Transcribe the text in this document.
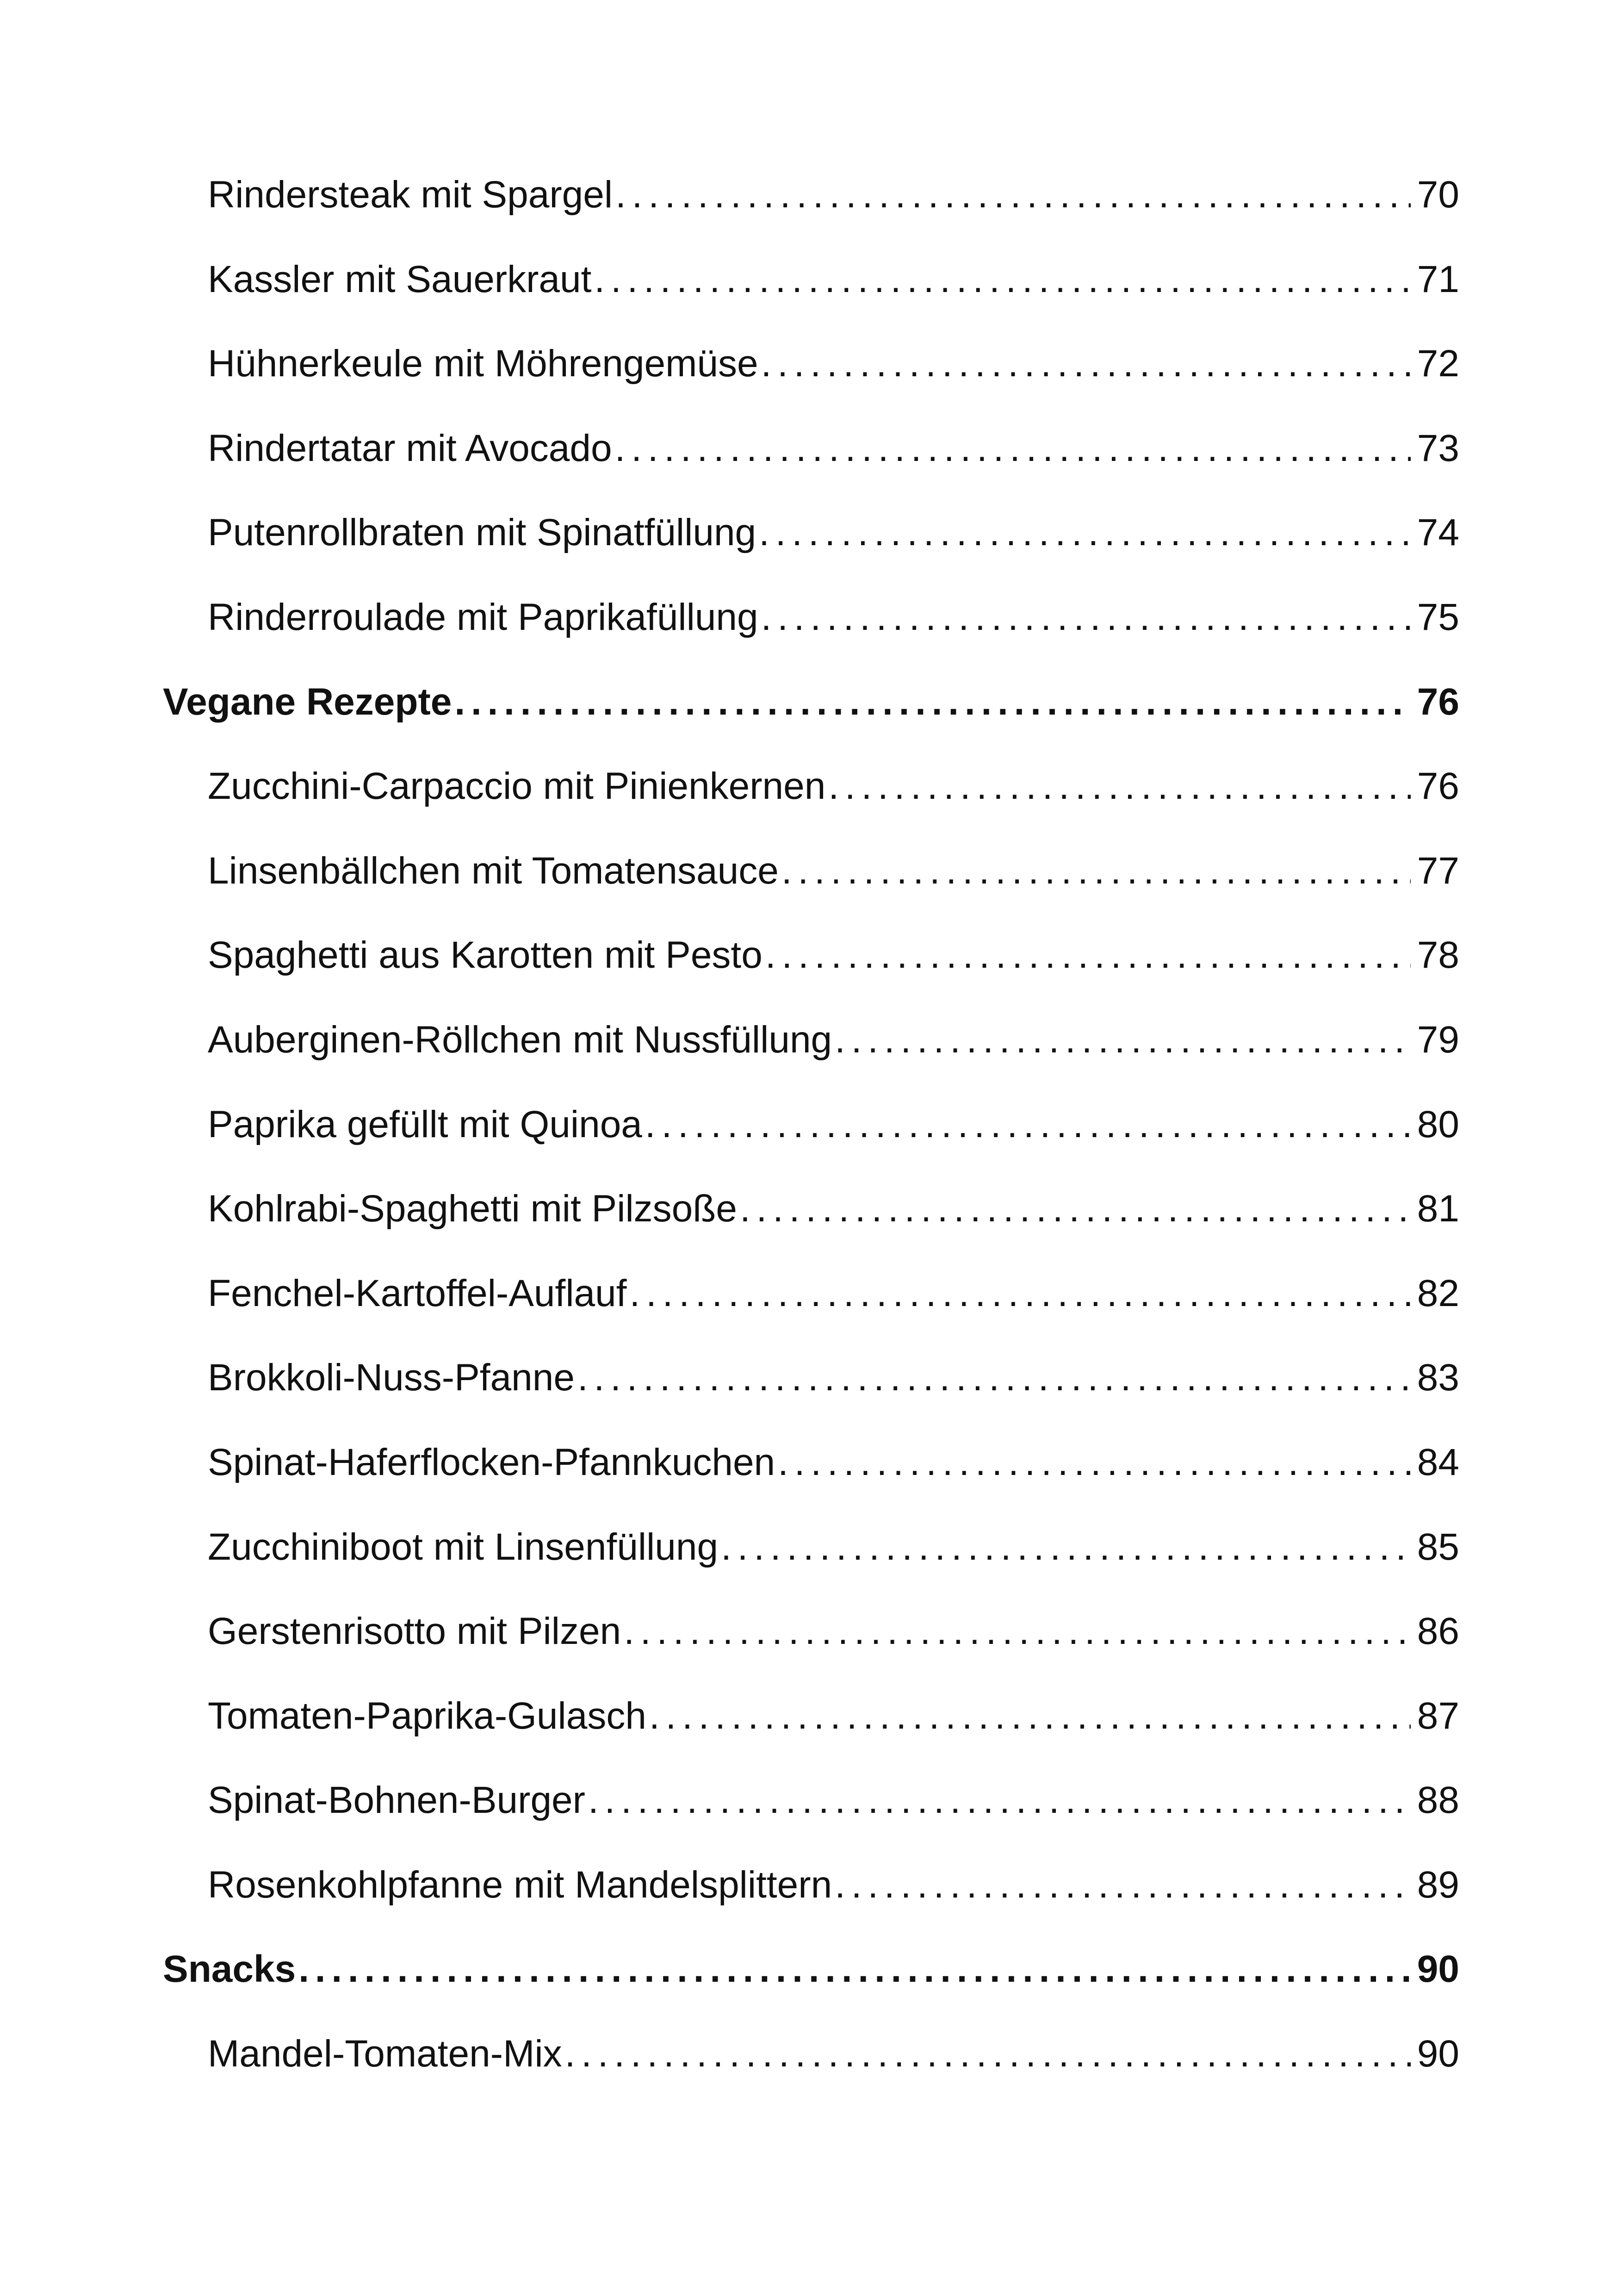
Rindersteak mit Spargel . . .	70
Kassler mit Sauerkraut . . .	71
Hühnerkeule mit Möhrengemüse . . .	72
Rindertatar mit Avocado . . .	73
Putenrollbraten mit Spinatfüllung . . .	74
Rinderroulade mit Paprikafüllung . . .	75
Vegane Rezepte . . .	76
Zucchini-Carpaccio mit Pinienkernen . . .	76
Linsenbällchen mit Tomatensauce . . .	77
Spaghetti aus Karotten mit Pesto . . .	78
Auberginen-Röllchen mit Nussfüllung . . .	79
Paprika gefüllt mit Quinoa . . .	80
Kohlrabi-Spaghetti mit Pilzsoße . . .	81
Fenchel-Kartoffel-Auflauf . . .	82
Brokkoli-Nuss-Pfanne . . .	83
Spinat-Haferflocken-Pfannkuchen . . .	84
Zucchiniboot mit Linsenfüllung . . .	85
Gerstenrisotto mit Pilzen . . .	86
Tomaten-Paprika-Gulasch . . .	87
Spinat-Bohnen-Burger . . .	88
Rosenkohlpfanne mit Mandelsplittern . . .	89
Snacks . . .	90
Mandel-Tomaten-Mix . . .	90
